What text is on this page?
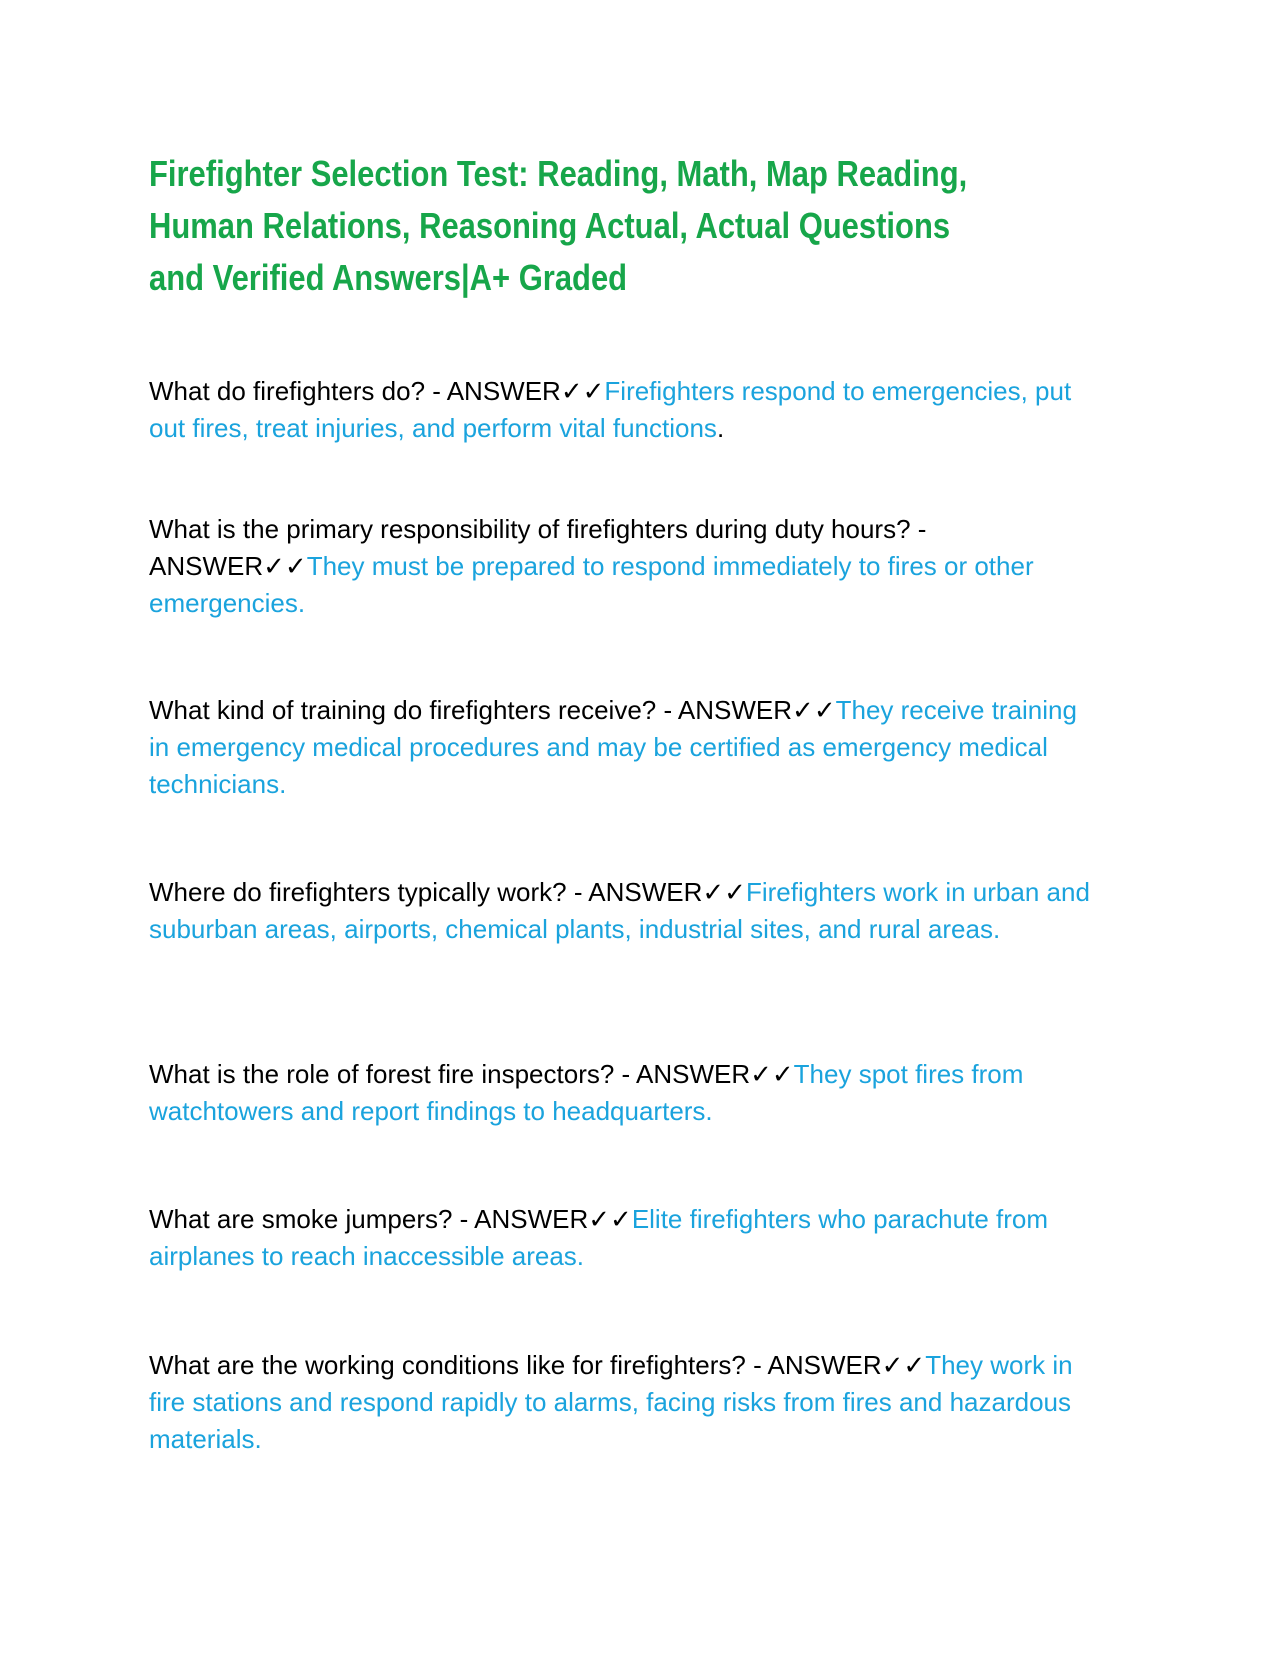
Firefighter Selection Test: Reading, Math, Map Reading, Human Relations, Reasoning Actual, Actual Questions and Verified Answers|A+ Graded
What do firefighters do? - ANSWER✓✓Firefighters respond to emergencies, put out fires, treat injuries, and perform vital functions.
What is the primary responsibility of firefighters during duty hours? - ANSWER✓✓They must be prepared to respond immediately to fires or other emergencies.
What kind of training do firefighters receive? - ANSWER✓✓They receive training in emergency medical procedures and may be certified as emergency medical technicians.
Where do firefighters typically work? - ANSWER✓✓Firefighters work in urban and suburban areas, airports, chemical plants, industrial sites, and rural areas.
What is the role of forest fire inspectors? - ANSWER✓✓They spot fires from watchtowers and report findings to headquarters.
What are smoke jumpers? - ANSWER✓✓Elite firefighters who parachute from airplanes to reach inaccessible areas.
What are the working conditions like for firefighters? - ANSWER✓✓They work in fire stations and respond rapidly to alarms, facing risks from fires and hazardous materials.
